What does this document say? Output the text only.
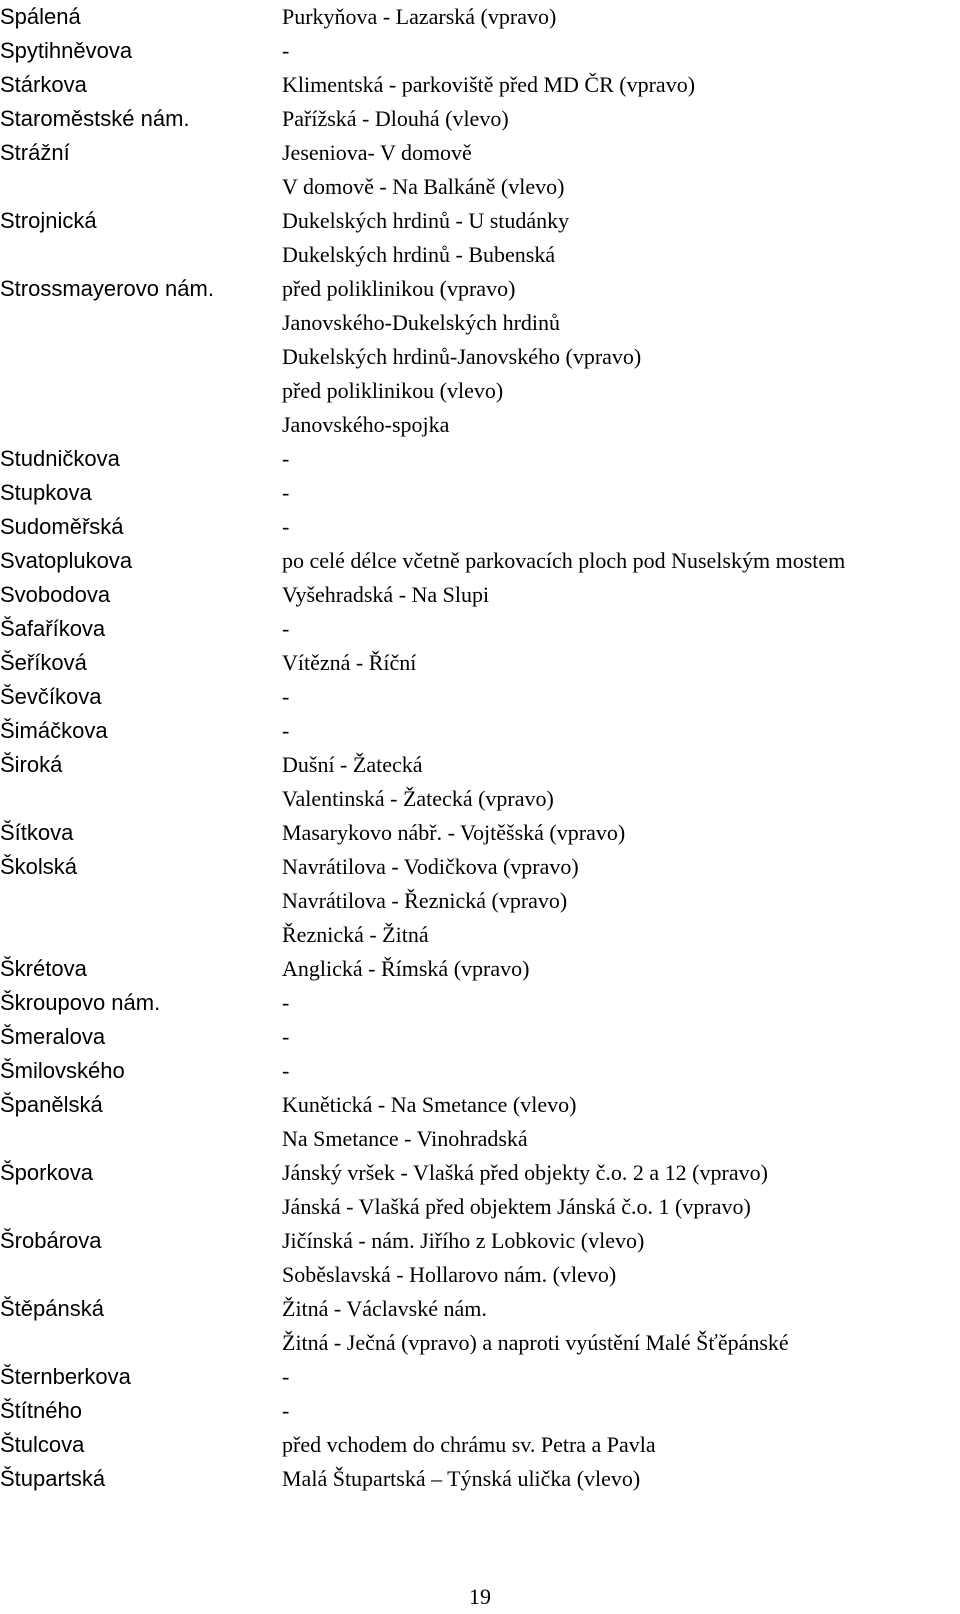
Spálená	Purkyňova - Lazarská (vpravo)
Spytihněvova	-
Stárkova	Klimentská - parkoviště před MD ČR (vpravo)
Staroměstské nám.	Pařížská - Dlouhá (vlevo)
Strážní	Jeseniova- V domově
V domově - Na Balkáně (vlevo)
Strojnická	Dukelských hrdinů - U studánky
Dukelských hrdinů - Bubenská
Strossmayerovo nám.	před poliklinikou (vpravo)
Janovského-Dukelských hrdinů
Dukelských hrdinů-Janovského (vpravo)
před poliklinikou (vlevo)
Janovského-spojka
Studničkova	-
Stupkova	-
Sudoměřská	-
Svatoplukova	po celé délce včetně parkovacích ploch pod Nuselským mostem
Svobodova	Vyšehradská - Na Slupi
Šafaříkova	-
Šeříková	Vítězná - Říční
Ševčíkova	-
Šimáčkova	-
Široká	Dušní - Žatecká
Valentinská - Žatecká (vpravo)
Šítkova	Masarykovo nábř. - Vojtěšská (vpravo)
Školská	Navrátilova - Vodičkova (vpravo)
Navrátilova - Řeznická (vpravo)
Řeznická - Žitná
Škrétova	Anglická - Římská (vpravo)
Škroupovo nám.	-
Šmeralova	-
Šmilovského	-
Španělská	Kunětická - Na Smetance (vlevo)
Na Smetance - Vinohradská
Šporkova	Jánský vršek - Vlašká před objekty č.o. 2 a 12 (vpravo)
Jánská - Vlašká před objektem Jánská č.o. 1 (vpravo)
Šrobárova	Jičínská - nám. Jiřího z Lobkovic (vlevo)
Soběslavská - Hollarovo nám. (vlevo)
Štěpánská	Žitná - Václavské nám.
Žitná - Ječná (vpravo) a naproti vyústění Malé Šťěpánské
Šternberkova	-
Štítného	-
Štulcova	před vchodem do chrámu sv. Petra a Pavla
Štupartská	Malá Štupartská – Týnská ulička (vlevo)
19
